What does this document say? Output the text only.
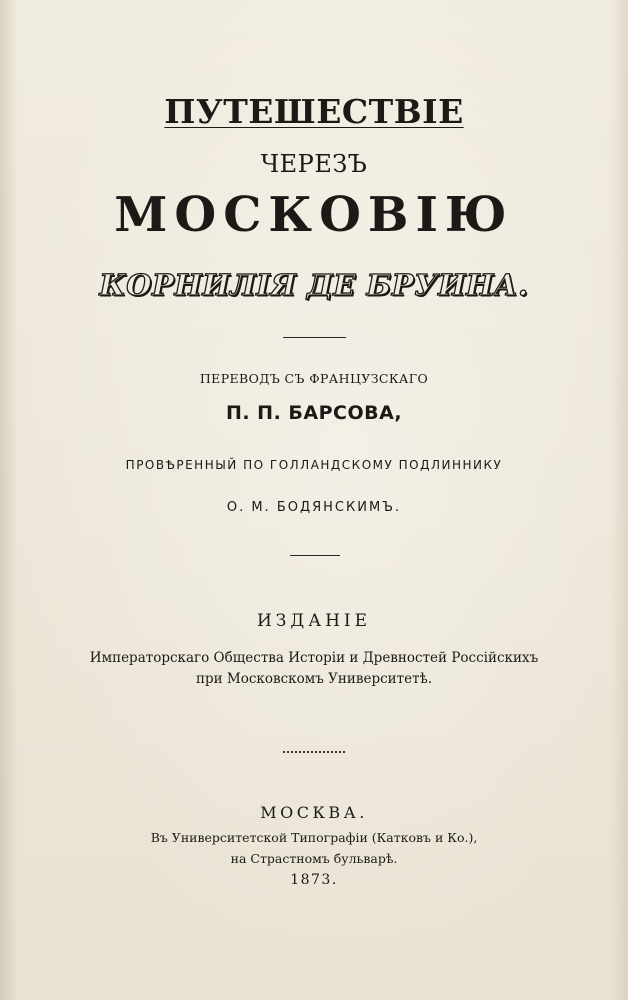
ПУТЕШЕСТВІЕ
ЧЕРЕЗЪ
МОСКОВІЮ
КОРНИЛІЯ ДЕ БРУИНА.
ПЕРЕВОДЪ СЪ ФРАНЦУЗСКАГО
П. П. БАРСОВА,
ПРОВѢРЕННЫЙ ПО ГОЛЛАНДСКОМУ ПОДЛИННИКУ
О. М. БОДЯНСКИМЪ.
ИЗДАНІЕ
Императорскаго Общества Исторіи и Древностей Россійскихъ
при Московскомъ Университетѣ.
МОСКВА.
Въ Университетской Типографіи (Катковъ и Ко.),
на Страстномъ бульварѣ.
1873.
